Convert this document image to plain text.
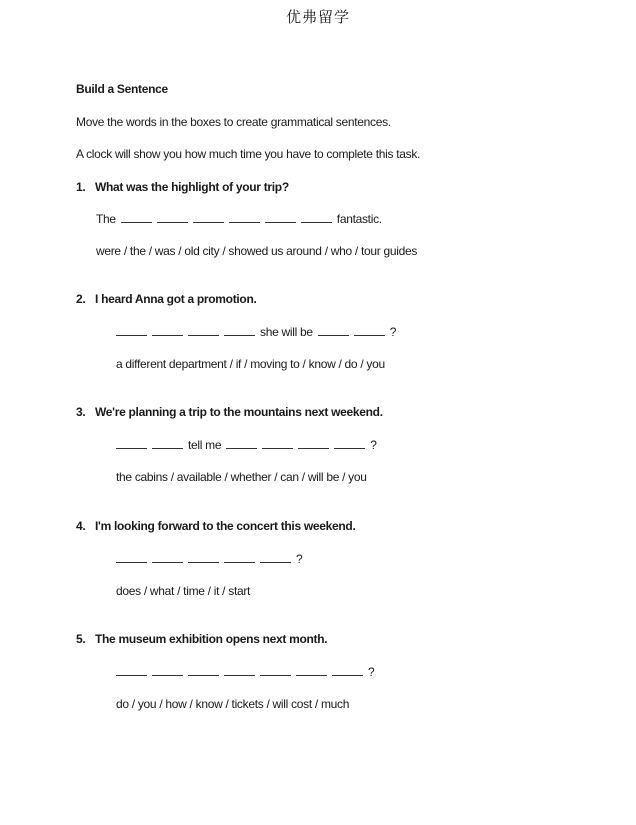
优弗留学
Build a Sentence
Move the words in the boxes to create grammatical sentences.
A clock will show you how much time you have to complete this task.
1. What was the highlight of your trip?
The	fantastic.
were / the / was / old city / showed us around / who / tour guides
2. I heard Anna got a promotion.
she will be	?
a different department / if / moving to / know / do / you
3. We're planning a trip to the mountains next weekend.
tell me	?
the cabins / available / whether / can / will be / you
4. I'm looking forward to the concert this weekend.
?
does / what / time / it / start
5. The museum exhibition opens next month.
?
do / you / how / know / tickets / will cost / much
